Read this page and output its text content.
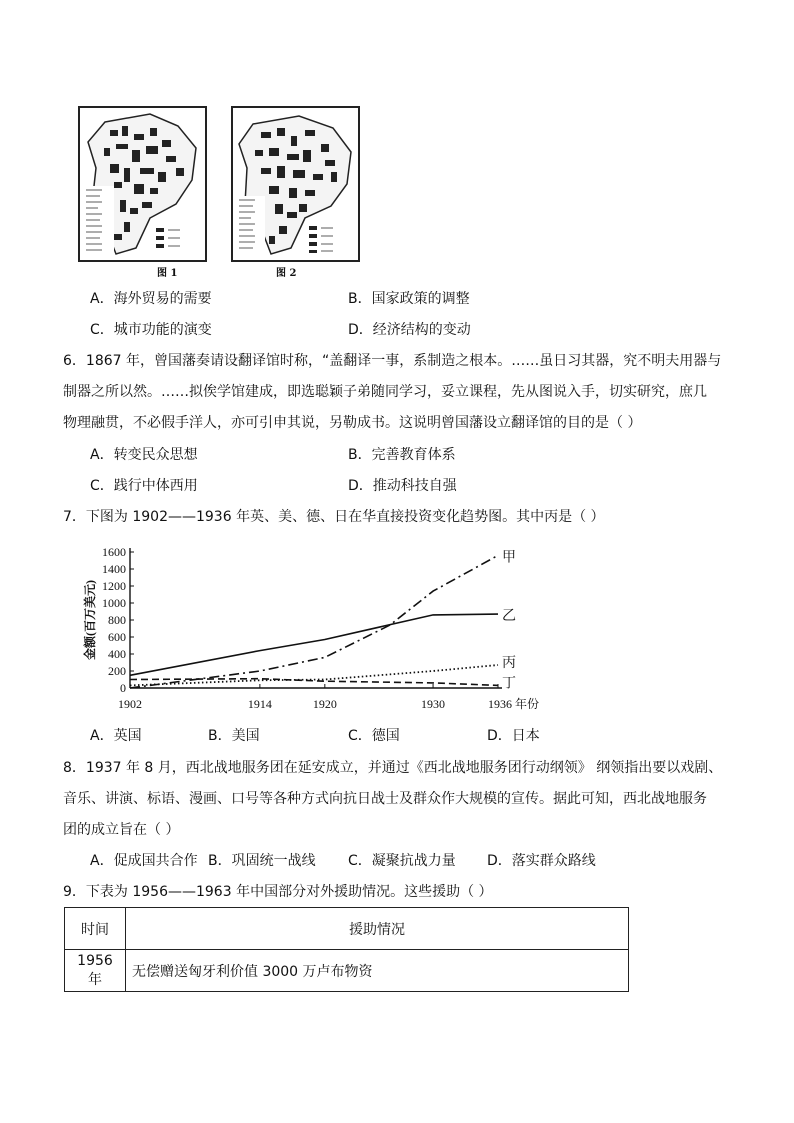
图 1	图 2
A．海外贸易的需要	B．国家政策的调整
C．城市功能的演变	D．经济结构的变动
6．1867 年，曾国藩奏请设翻译馆时称，“盖翻译一事，系制造之根本。……虽日习其器，究不明夫用器与
制器之所以然。……拟俟学馆建成，即选聪颖子弟随同学习，妥立课程，先从图说入手，切实研究，庶几
物理融贯，不必假手洋人，亦可引申其说，另勒成书。这说明曾国藩设立翻译馆的目的是（ ）
A．转变民众思想	B．完善教育体系
C．践行中体西用	D．推动科技自强
7．下图为 1902——1936 年英、美、德、日在华直接投资变化趋势图。其中丙是（ ）
0
200
400
600
800
1000
1200
1400
1600
金额(百万美元)
1902	1914	1920	1930	1936 年份
甲
乙
丙
丁
A．英国	B．美国	C．德国	D．日本
8．1937 年 8 月，西北战地服务团在延安成立，并通过《西北战地服务团行动纲领》 纲领指出要以戏剧、
音乐、讲演、标语、漫画、口号等各种方式向抗日战士及群众作大规模的宣传。据此可知，西北战地服务
团的成立旨在（ ）
A．促成国共合作 B．巩固统一战线 C．凝聚抗战力量 D．落实群众路线
9．下表为 1956——1963 年中国部分对外援助情况。这些援助（ ）
时间	援助情况
1956 年	无偿赠送匈牙利价值 3000 万卢布物资
